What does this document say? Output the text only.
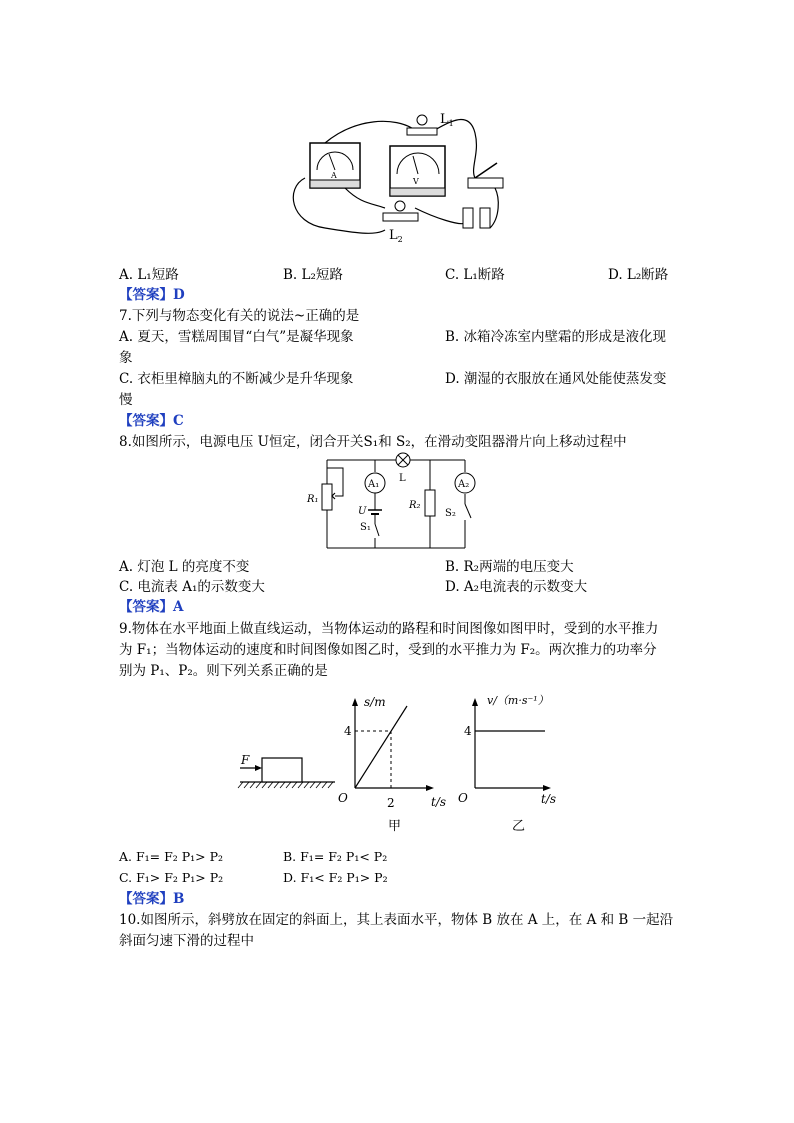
A
V
$L_1$
$L_2$
A. L₁短路	B. L₂短路	C. L₁断路	D. L₂断路
【答案】D
7.下列与物态变化有关的说法~正确的是
A. 夏天，雪糕周围冒“白气”是凝华现象	B. 冰箱冷冻室内壁霜的形成是液化现
象
C. 衣柜里樟脑丸的不断减少是升华现象	D. 潮湿的衣服放在通风处能使蒸发变
慢
【答案】C
8.如图所示，电源电压 U恒定，闭合开关S₁和 S₂，在滑动变阻器滑片向上移动过程中
A₁	A₂
L
R₁
R₂
U
S₁
S₂
A. 灯泡 L 的亮度不变	B. R₂两端的电压变大
C. 电流表 A₁的示数变大	D. A₂电流表的示数变大
【答案】A
9.物体在水平地面上做直线运动，当物体运动的路程和时间图像如图甲时，受到的水平推力
为 F₁；当物体运动的速度和时间图像如图乙时，受到的水平推力为 F₂。两次推力的功率分
别为 P₁、P₂。则下列关系正确的是
F
s/m
4
O	2	t/s
甲
v/（m·s⁻¹）
4
O	t/s
乙
A. F₁= F₂ P₁> P₂	B. F₁= F₂ P₁< P₂
C. F₁> F₂ P₁> P₂	D. F₁< F₂ P₁> P₂
【答案】B
10.如图所示，斜劈放在固定的斜面上，其上表面水平，物体 B 放在 A 上，在 A 和 B 一起沿
斜面匀速下滑的过程中
